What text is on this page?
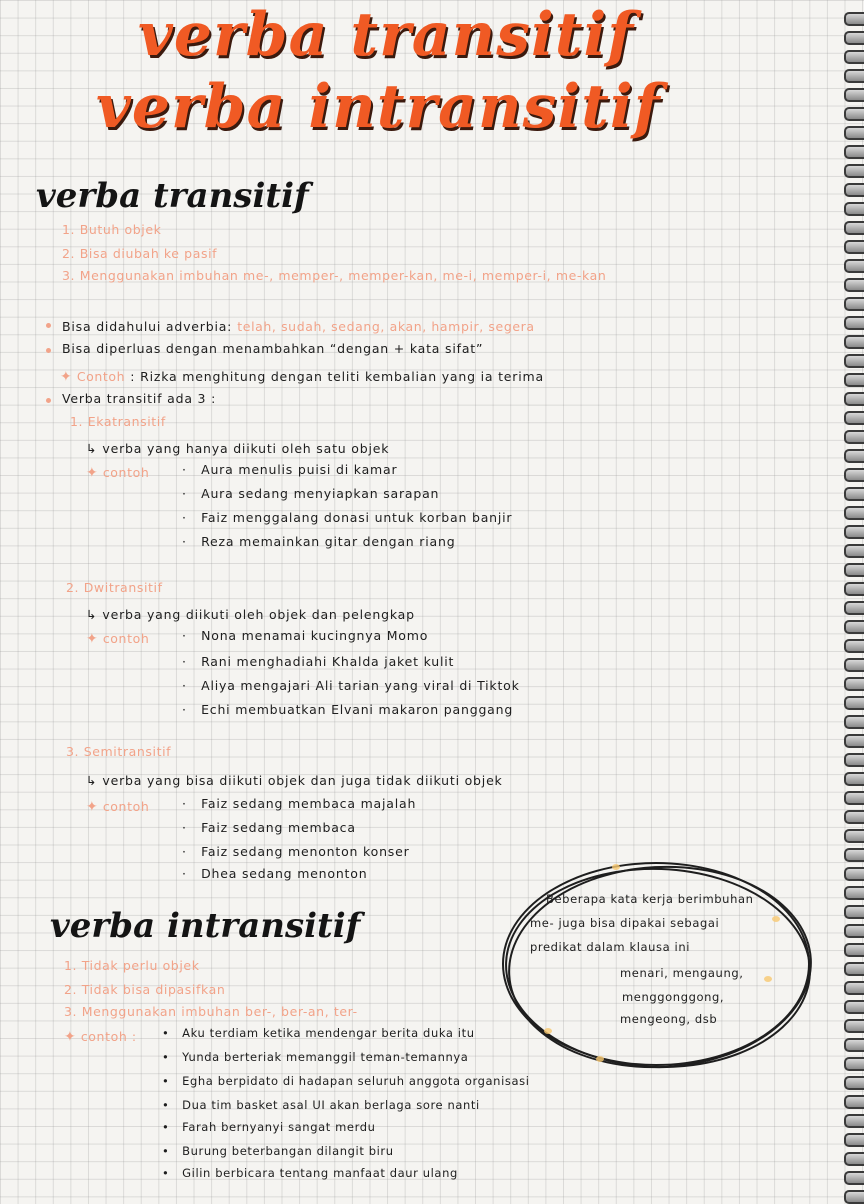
verba transitif
verba intransitif
verba transitif
1. Butuh objek
2. Bisa diubah ke pasif
3. Menggunakan imbuhan me-, memper-, memper-kan, me-i, memper-i, me-kan
Bisa didahului adverbia: telah, sudah, sedang, akan, hampir, segera
Bisa diperluas dengan menambahkan “dengan + kata sifat”
✦ Contoh : Rizka menghitung dengan teliti kembalian yang ia terima
Verba transitif ada 3 :
1. Ekatransitif
↳ verba yang hanya diikuti oleh satu objek
✦ contoh	·   Aura menulis puisi di kamar
·   Aura sedang menyiapkan sarapan
·   Faiz menggalang donasi untuk korban banjir
·   Reza memainkan gitar dengan riang
2. Dwitransitif
↳ verba yang diikuti oleh objek dan pelengkap
✦ contoh	·   Nona menamai kucingnya Momo
·   Rani menghadiahi Khalda jaket kulit
·   Aliya mengajari Ali tarian yang viral di Tiktok
·   Echi membuatkan Elvani makaron panggang
3. Semitransitif
↳ verba yang bisa diikuti objek dan juga tidak diikuti objek
✦ contoh	·   Faiz sedang membaca majalah
·   Faiz sedang membaca
·   Faiz sedang menonton konser
·   Dhea sedang menonton
verba intransitif
1. Tidak perlu objek
2. Tidak bisa dipasifkan
3. Menggunakan imbuhan ber-, ber-an, ter-
✦ contoh : •   Aku terdiam ketika mendengar berita duka itu
•   Yunda berteriak memanggil teman-temannya
•   Egha berpidato di hadapan seluruh anggota organisasi
•   Dua tim basket asal UI akan berlaga sore nanti
•   Farah bernyanyi sangat merdu
•   Burung beterbangan dilangit biru
•   Gilin berbicara tentang manfaat daur ulang
Beberapa kata kerja berimbuhan
me- juga bisa dipakai sebagai
predikat dalam klausa ini
menari, mengaung,
menggonggong,
mengeong, dsb
